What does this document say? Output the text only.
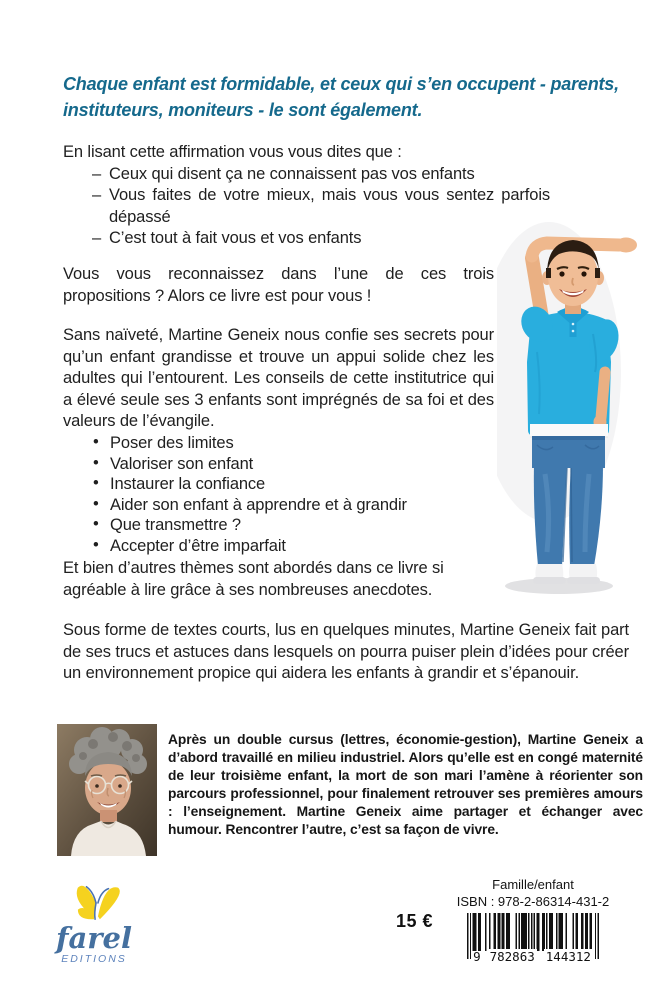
Chaque enfant est formidable, et ceux qui s’en occupent - parents, instituteurs, moniteurs - le sont également.
En lisant cette affirmation vous vous dites que :
– Ceux qui disent ça ne connaissent pas vos enfants
– Vous faites de votre mieux, mais vous vous sentez parfois dépassé
– C’est tout à fait vous et vos enfants
Vous vous reconnaissez dans l’une de ces trois propositions ? Alors ce livre est pour vous !
Sans naïveté, Martine Geneix nous confie ses secrets pour qu’un enfant grandisse et trouve un appui solide chez les adultes qui l’entourent. Les conseils de cette institutrice qui a élevé seule ses 3 enfants sont imprégnés de sa foi et des valeurs de l’évangile.
• Poser des limites
• Valoriser son enfant
• Instaurer la confiance
• Aider son enfant à apprendre et à grandir
• Que transmettre ?
• Accepter d’être imparfait
Et bien d’autres thèmes sont abordés dans ce livre si agréable à lire grâce à ses nombreuses anecdotes.
Sous forme de textes courts, lus en quelques minutes, Martine Geneix fait part de ses trucs et astuces dans lesquels on pourra puiser plein d’idées pour créer un environnement propice qui aidera les enfants à grandir et s’épanouir.
Après un double cursus (lettres, économie-gestion), Martine Geneix a d’abord travaillé en milieu industriel. Alors qu’elle est en congé maternité de leur troisième enfant, la mort de son mari l’amène à réorienter son parcours professionnel, pour finalement retrouver ses premières amours : l’enseignement. Martine Geneix aime partager et échanger avec humour. Rencontrer l’autre, c’est sa façon de vivre.
farel
EDITIONS
15 €
Famille/enfant
ISBN : 978-2-86314-431-2
9 782863 144312
